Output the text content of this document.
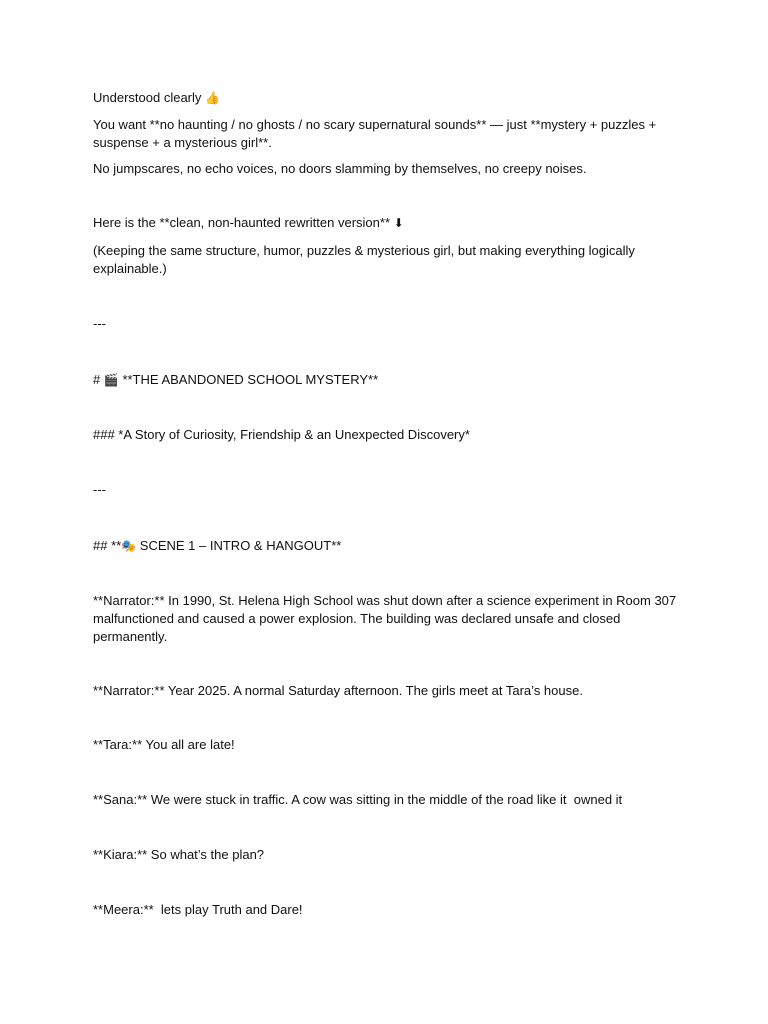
Understood clearly 👍

You want **no haunting / no ghosts / no scary supernatural sounds** — just **mystery + puzzles + suspense + a mysterious girl**.

No jumpscares, no echo voices, no doors slamming by themselves, no creepy noises.

Here is the **clean, non-haunted rewritten version** ⬇

(Keeping the same structure, humor, puzzles & mysterious girl, but making everything logically explainable.)

---

# 🎬 **THE ABANDONED SCHOOL MYSTERY**

### *A Story of Curiosity, Friendship & an Unexpected Discovery*

---

## **🎭 SCENE 1 – INTRO & HANGOUT**

**Narrator:** In 1990, St. Helena High School was shut down after a science experiment in Room 307 malfunctioned and caused a power explosion. The building was declared unsafe and closed permanently.

**Narrator:** Year 2025. A normal Saturday afternoon. The girls meet at Tara’s house.

**Tara:** You all are late!

**Sana:** We were stuck in traffic. A cow was sitting in the middle of the road like it  owned it

**Kiara:** So what’s the plan?

**Meera:**  lets play Truth and Dare!
